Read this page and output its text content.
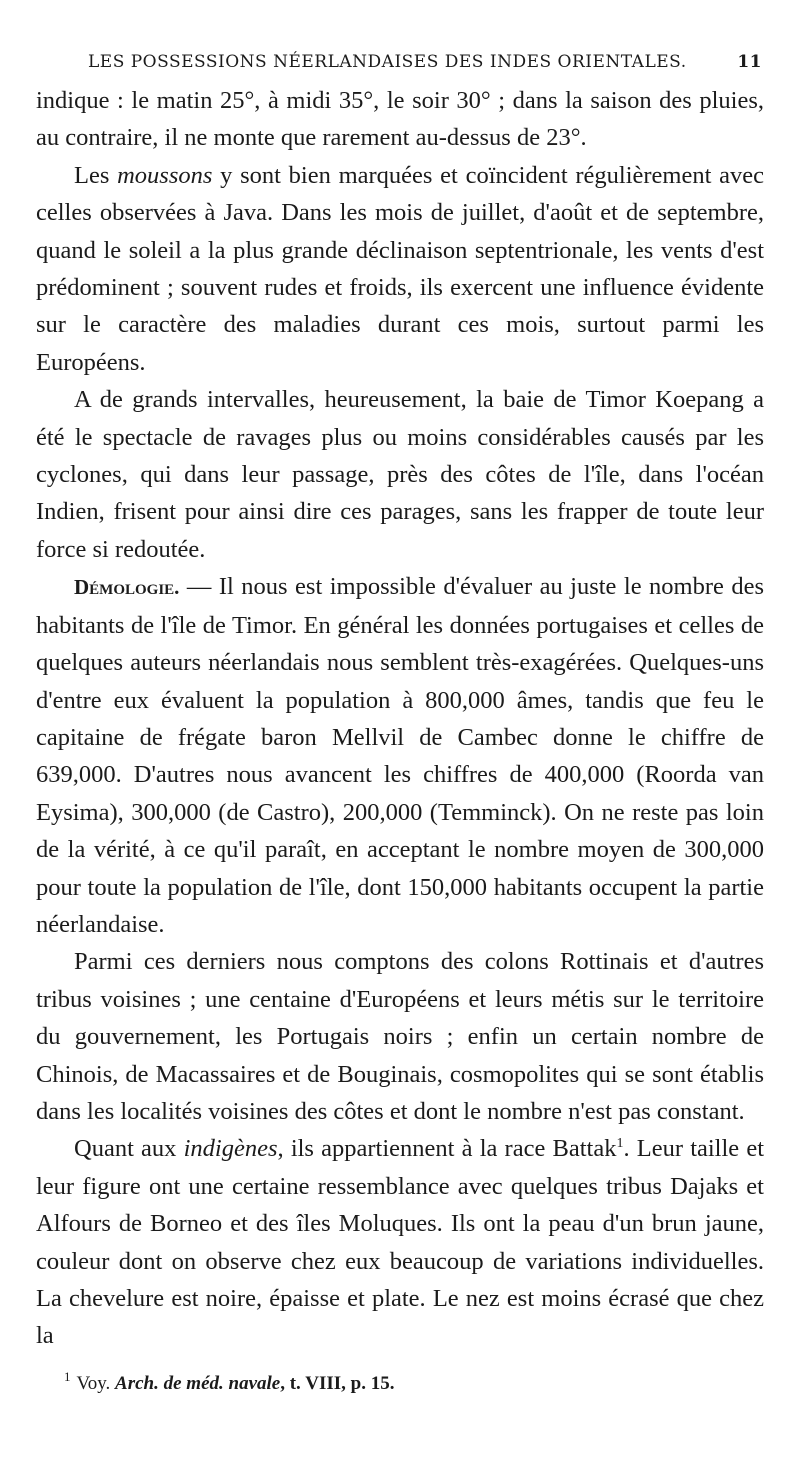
LES POSSESSIONS NÉERLANDAISES DES INDES ORIENTALES.	11

indique : le matin 25°, à midi 35°, le soir 30° ; dans la saison des pluies, au contraire, il ne monte que rarement au-dessus de 23°.

Les moussons y sont bien marquées et coïncident régulièrement avec celles observées à Java. Dans les mois de juillet, d'août et de septembre, quand le soleil a la plus grande déclinaison septentrionale, les vents d'est prédominent ; souvent rudes et froids, ils exercent une influence évidente sur le caractère des maladies durant ces mois, surtout parmi les Européens.

A de grands intervalles, heureusement, la baie de Timor Koepang a été le spectacle de ravages plus ou moins considérables causés par les cyclones, qui dans leur passage, près des côtes de l'île, dans l'océan Indien, frisent pour ainsi dire ces parages, sans les frapper de toute leur force si redoutée.

Démologie. — Il nous est impossible d'évaluer au juste le nombre des habitants de l'île de Timor. En général les données portugaises et celles de quelques auteurs néerlandais nous semblent très-exagérées. Quelques-uns d'entre eux évaluent la population à 800,000 âmes, tandis que feu le capitaine de frégate baron Mellvil de Cambec donne le chiffre de 639,000. D'autres nous avancent les chiffres de 400,000 (Roorda van Eysima), 300,000 (de Castro), 200,000 (Temminck). On ne reste pas loin de la vérité, à ce qu'il paraît, en acceptant le nombre moyen de 300,000 pour toute la population de l'île, dont 150,000 habitants occupent la partie néerlandaise.

Parmi ces derniers nous comptons des colons Rottinais et d'autres tribus voisines ; une centaine d'Européens et leurs métis sur le territoire du gouvernement, les Portugais noirs ; enfin un certain nombre de Chinois, de Macassaires et de Bouginais, cosmopolites qui se sont établis dans les localités voisines des côtes et dont le nombre n'est pas constant.

Quant aux indigènes, ils appartiennent à la race Battak$^1$. Leur taille et leur figure ont une certaine ressemblance avec quelques tribus Dajaks et Alfours de Borneo et des îles Moluques. Ils ont la peau d'un brun jaune, couleur dont on observe chez eux beaucoup de variations individuelles. La chevelure est noire, épaisse et plate. Le nez est moins écrasé que chez la

$^1$ Voy. Arch. de méd. navale, t. VIII, p. 15.
